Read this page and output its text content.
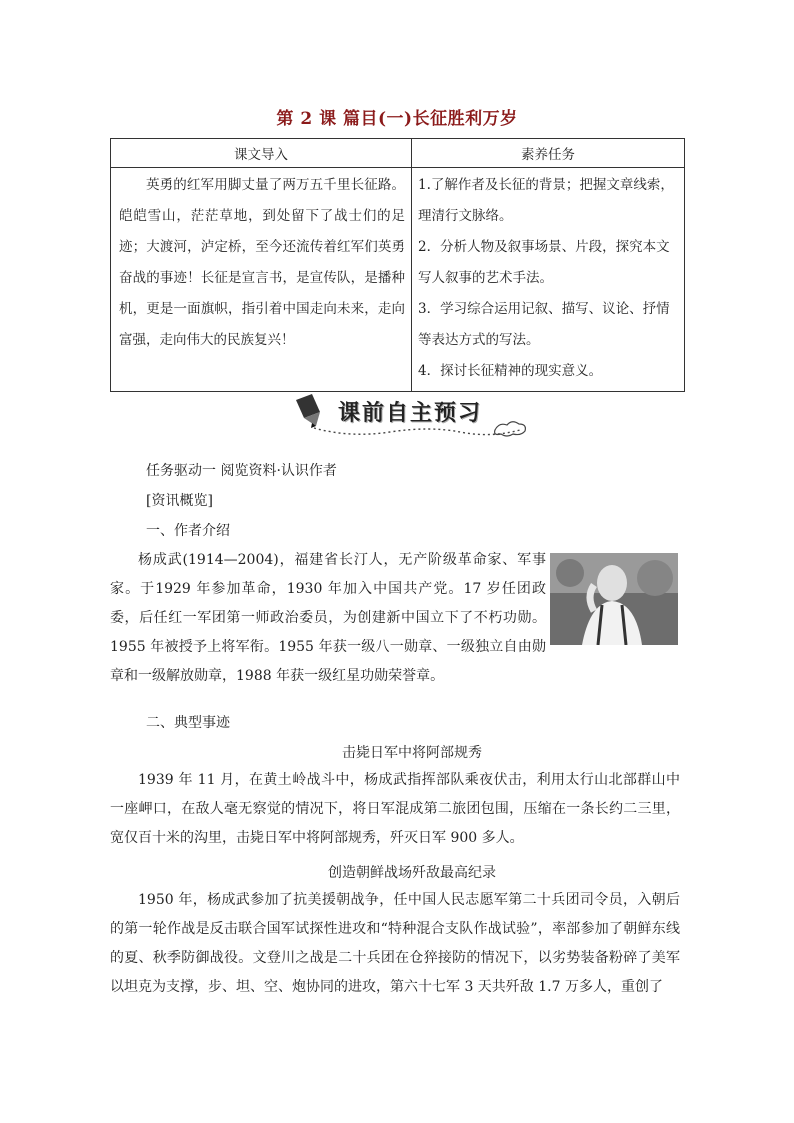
第 2 课 篇目(一)长征胜利万岁
课文导入	素养任务
英勇的红军用脚丈量了两万五千里长征路。皑皑雪山，茫茫草地，到处留下了战士们的足迹；大渡河，泸定桥，至今还流传着红军们英勇奋战的事迹！长征是宣言书，是宣传队，是播种机，更是一面旗帜，指引着中国走向未来，走向富强，走向伟大的民族复兴！	1.了解作者及长征的背景；把握文章线索，理清行文脉络。

2．分析人物及叙事场景、片段，探究本文写人叙事的艺术手法。

3．学习综合运用记叙、描写、议论、抒情等表达方式的写法。

4．探讨长征精神的现实意义。

课前自主预习
任务驱动一 阅览资料·认识作者
[资讯概览]
一、作者介绍
杨成武(1914—2004)，福建省长汀人，无产阶级革命家、军事家。于1929 年参加革命，1930 年加入中国共产党。17 岁任团政委，后任红一军团第一师政治委员，为创建新中国立下了不朽功勋。1955 年被授予上将军衔。1955 年获一级八一勋章、一级独立自由勋章和一级解放勋章，1988 年获一级红星功勋荣誉章。
二、典型事迹
击毙日军中将阿部规秀
1939 年 11 月，在黄土岭战斗中，杨成武指挥部队乘夜伏击，利用太行山北部群山中一座岬口，在敌人毫无察觉的情况下，将日军混成第二旅团包围，压缩在一条长约二三里，宽仅百十米的沟里，击毙日军中将阿部规秀，歼灭日军 900 多人。
创造朝鲜战场歼敌最高纪录
1950 年，杨成武参加了抗美援朝战争，任中国人民志愿军第二十兵团司令员，入朝后的第一轮作战是反击联合国军试探性进攻和“特种混合支队作战试验”，率部参加了朝鲜东线的夏、秋季防御战役。文登川之战是二十兵团在仓猝接防的情况下，以劣势装备粉碎了美军以坦克为支撑，步、坦、空、炮协同的进攻，第六十七军 3 天共歼敌 1.7 万多人，重创了
